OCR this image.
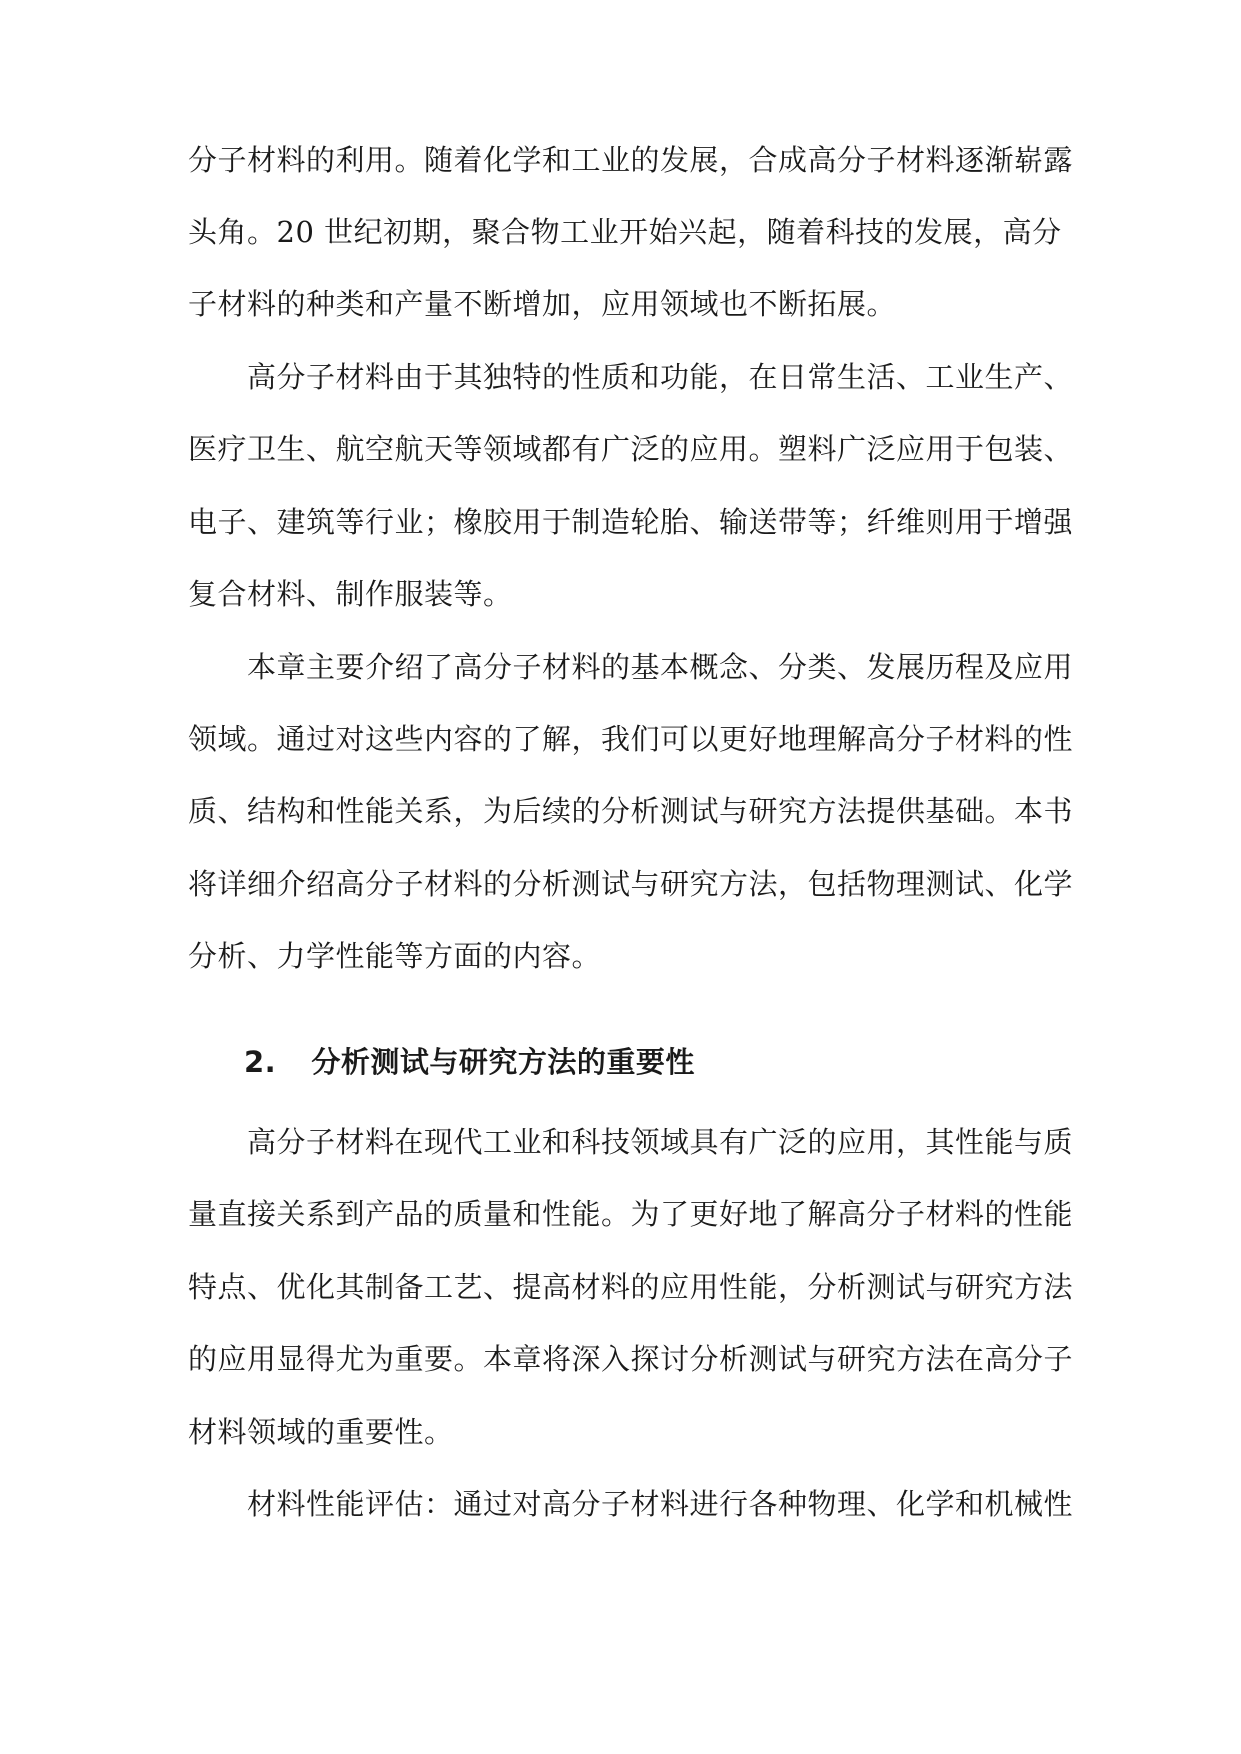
分子材料的利用。随着化学和工业的发展，合成高分子材料逐渐崭露
头角。20 世纪初期，聚合物工业开始兴起，随着科技的发展，高分
子材料的种类和产量不断增加，应用领域也不断拓展。
高分子材料由于其独特的性质和功能，在日常生活、工业生产、
医疗卫生、航空航天等领域都有广泛的应用。塑料广泛应用于包装、
电子、建筑等行业；橡胶用于制造轮胎、输送带等；纤维则用于增强
复合材料、制作服装等。
本章主要介绍了高分子材料的基本概念、分类、发展历程及应用
领域。通过对这些内容的了解，我们可以更好地理解高分子材料的性
质、结构和性能关系，为后续的分析测试与研究方法提供基础。本书
将详细介绍高分子材料的分析测试与研究方法，包括物理测试、化学
分析、力学性能等方面的内容。
2. 分析测试与研究方法的重要性
高分子材料在现代工业和科技领域具有广泛的应用，其性能与质
量直接关系到产品的质量和性能。为了更好地了解高分子材料的性能
特点、优化其制备工艺、提高材料的应用性能，分析测试与研究方法
的应用显得尤为重要。本章将深入探讨分析测试与研究方法在高分子
材料领域的重要性。
材料性能评估：通过对高分子材料进行各种物理、化学和机械性
